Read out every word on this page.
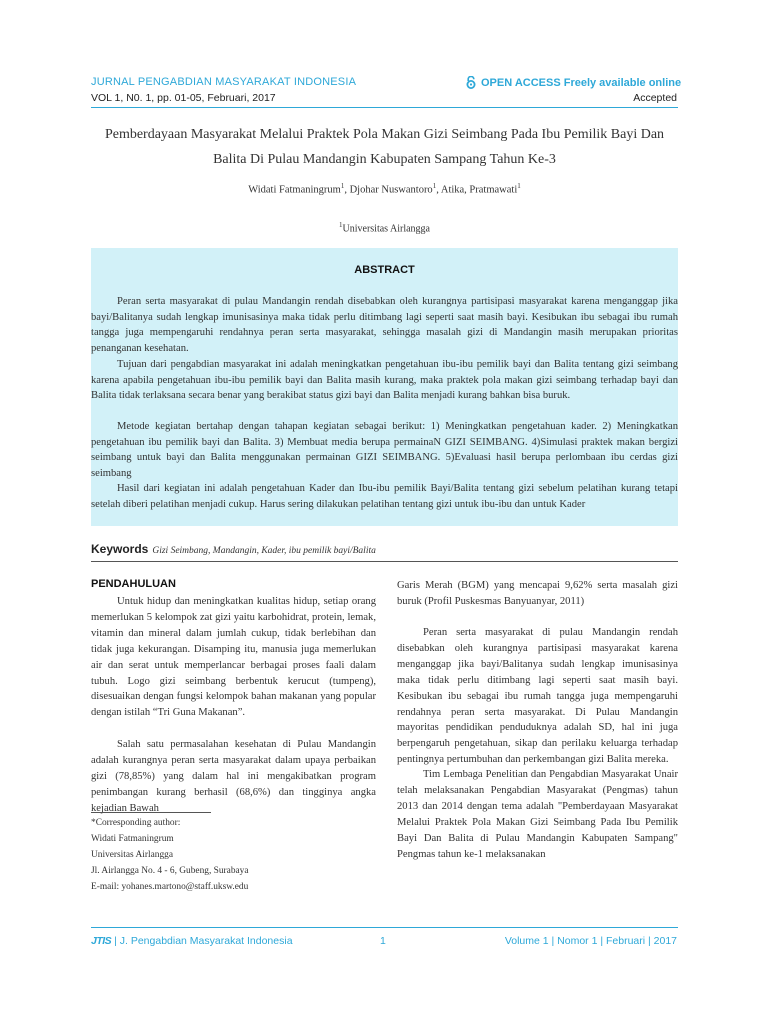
JURNAL PENGABDIAN MASYARAKAT INDONESIA	OPEN ACCESS Freely available online
VOL 1, N0. 1, pp. 01-05, Februari, 2017	Accepted
Pemberdayaan Masyarakat Melalui Praktek Pola Makan Gizi Seimbang Pada Ibu Pemilik Bayi Dan Balita Di Pulau Mandangin Kabupaten Sampang Tahun Ke-3
Widati Fatmaningrum$^1$, Djohar Nuswantoro$^1$, Atika, Pratmawati$^1$
$^1$Universitas Airlangga
ABSTRACT

Peran serta masyarakat di pulau Mandangin rendah disebabkan oleh kurangnya partisipasi masyarakat karena menganggap jika bayi/Balitanya sudah lengkap imunisasinya maka tidak perlu ditimbang lagi seperti saat masih bayi. Kesibukan ibu sebagai ibu rumah tangga juga mempengaruhi rendahnya peran serta masyarakat, sehingga masalah gizi di Mandangin masih merupakan prioritas penanganan kesehatan.

Tujuan dari pengabdian masyarakat ini adalah meningkatkan pengetahuan ibu-ibu pemilik bayi dan Balita tentang gizi seimbang karena apabila pengetahuan ibu-ibu pemilik bayi dan Balita masih kurang, maka praktek pola makan gizi seimbang terhadap bayi dan Balita tidak terlaksana secara benar yang berakibat status gizi bayi dan Balita menjadi kurang bahkan bisa buruk.

Metode kegiatan bertahap dengan tahapan kegiatan sebagai berikut: 1) Meningkatkan pengetahuan kader. 2) Meningkatkan pengetahuan ibu pemilik bayi dan Balita. 3) Membuat media berupa permainaN GIZI SEIMBANG. 4)Simulasi praktek makan bergizi seimbang untuk bayi dan Balita menggunakan permainan GIZI SEIMBANG. 5)Evaluasi hasil berupa perlombaan ibu cerdas gizi seimbang

Hasil dari kegiatan ini adalah pengetahuan Kader dan Ibu-ibu pemilik Bayi/Balita tentang gizi sebelum pelatihan kurang tetapi setelah diberi pelatihan menjadi cukup. Harus sering dilakukan pelatihan tentang gizi untuk ibu-ibu dan untuk Kader

Keywords Gizi Seimbang, Mandangin, Kader, ibu pemilik bayi/Balita
PENDAHULUAN

Untuk hidup dan meningkatkan kualitas hidup, setiap orang memerlukan 5 kelompok zat gizi yaitu karbohidrat, protein, lemak, vitamin dan mineral dalam jumlah cukup, tidak berlebihan dan tidak juga kekurangan. Disamping itu, manusia juga memerlukan air dan serat untuk memperlancar berbagai proses faali dalam tubuh. Logo gizi seimbang berbentuk kerucut (tumpeng), disesuaikan dengan fungsi kelompok bahan makanan yang popular dengan istilah “Tri Guna Makanan”.

Salah satu permasalahan kesehatan di Pulau Mandangin adalah kurangnya peran serta masyarakat dalam upaya perbaikan gizi (78,85%) yang dalam hal ini mengakibatkan program penimbangan kurang berhasil (68,6%) dan tingginya angka kejadian Bawah

*Corresponding author:
Widati Fatmaningrum
Universitas Airlangga
Jl. Airlangga No. 4 - 6, Gubeng, Surabaya
E-mail: yohanes.martono@staff.uksw.edu

Garis Merah (BGM) yang mencapai 9,62% serta masalah gizi buruk (Profil Puskesmas Banyuanyar, 2011)

Peran serta masyarakat di pulau Mandangin rendah disebabkan oleh kurangnya partisipasi masyarakat karena menganggap jika bayi/Balitanya sudah lengkap imunisasinya maka tidak perlu ditimbang lagi seperti saat masih bayi. Kesibukan ibu sebagai ibu rumah tangga juga mempengaruhi rendahnya peran serta masyarakat. Di Pulau Mandangin mayoritas pendidikan penduduknya adalah SD, hal ini juga berpengaruh pengetahuan, sikap dan perilaku keluarga terhadap pentingnya pertumbuhan dan perkembangan gizi Balita mereka.

Tim Lembaga Penelitian dan Pengabdian Masyarakat Unair telah melaksanakan Pengabdian Masyarakat (Pengmas) tahun 2013 dan 2014 dengan tema adalah "Pemberdayaan Masyarakat Melalui Praktek Pola Makan Gizi Seimbang Pada Ibu Pemilik Bayi Dan Balita di Pulau Mandangin Kabupaten Sampang" Pengmas tahun ke-1 melaksanakan

JTIS | J. Pengabdian Masyarakat Indonesia	1	Volume 1 | Nomor 1 | Februari | 2017
